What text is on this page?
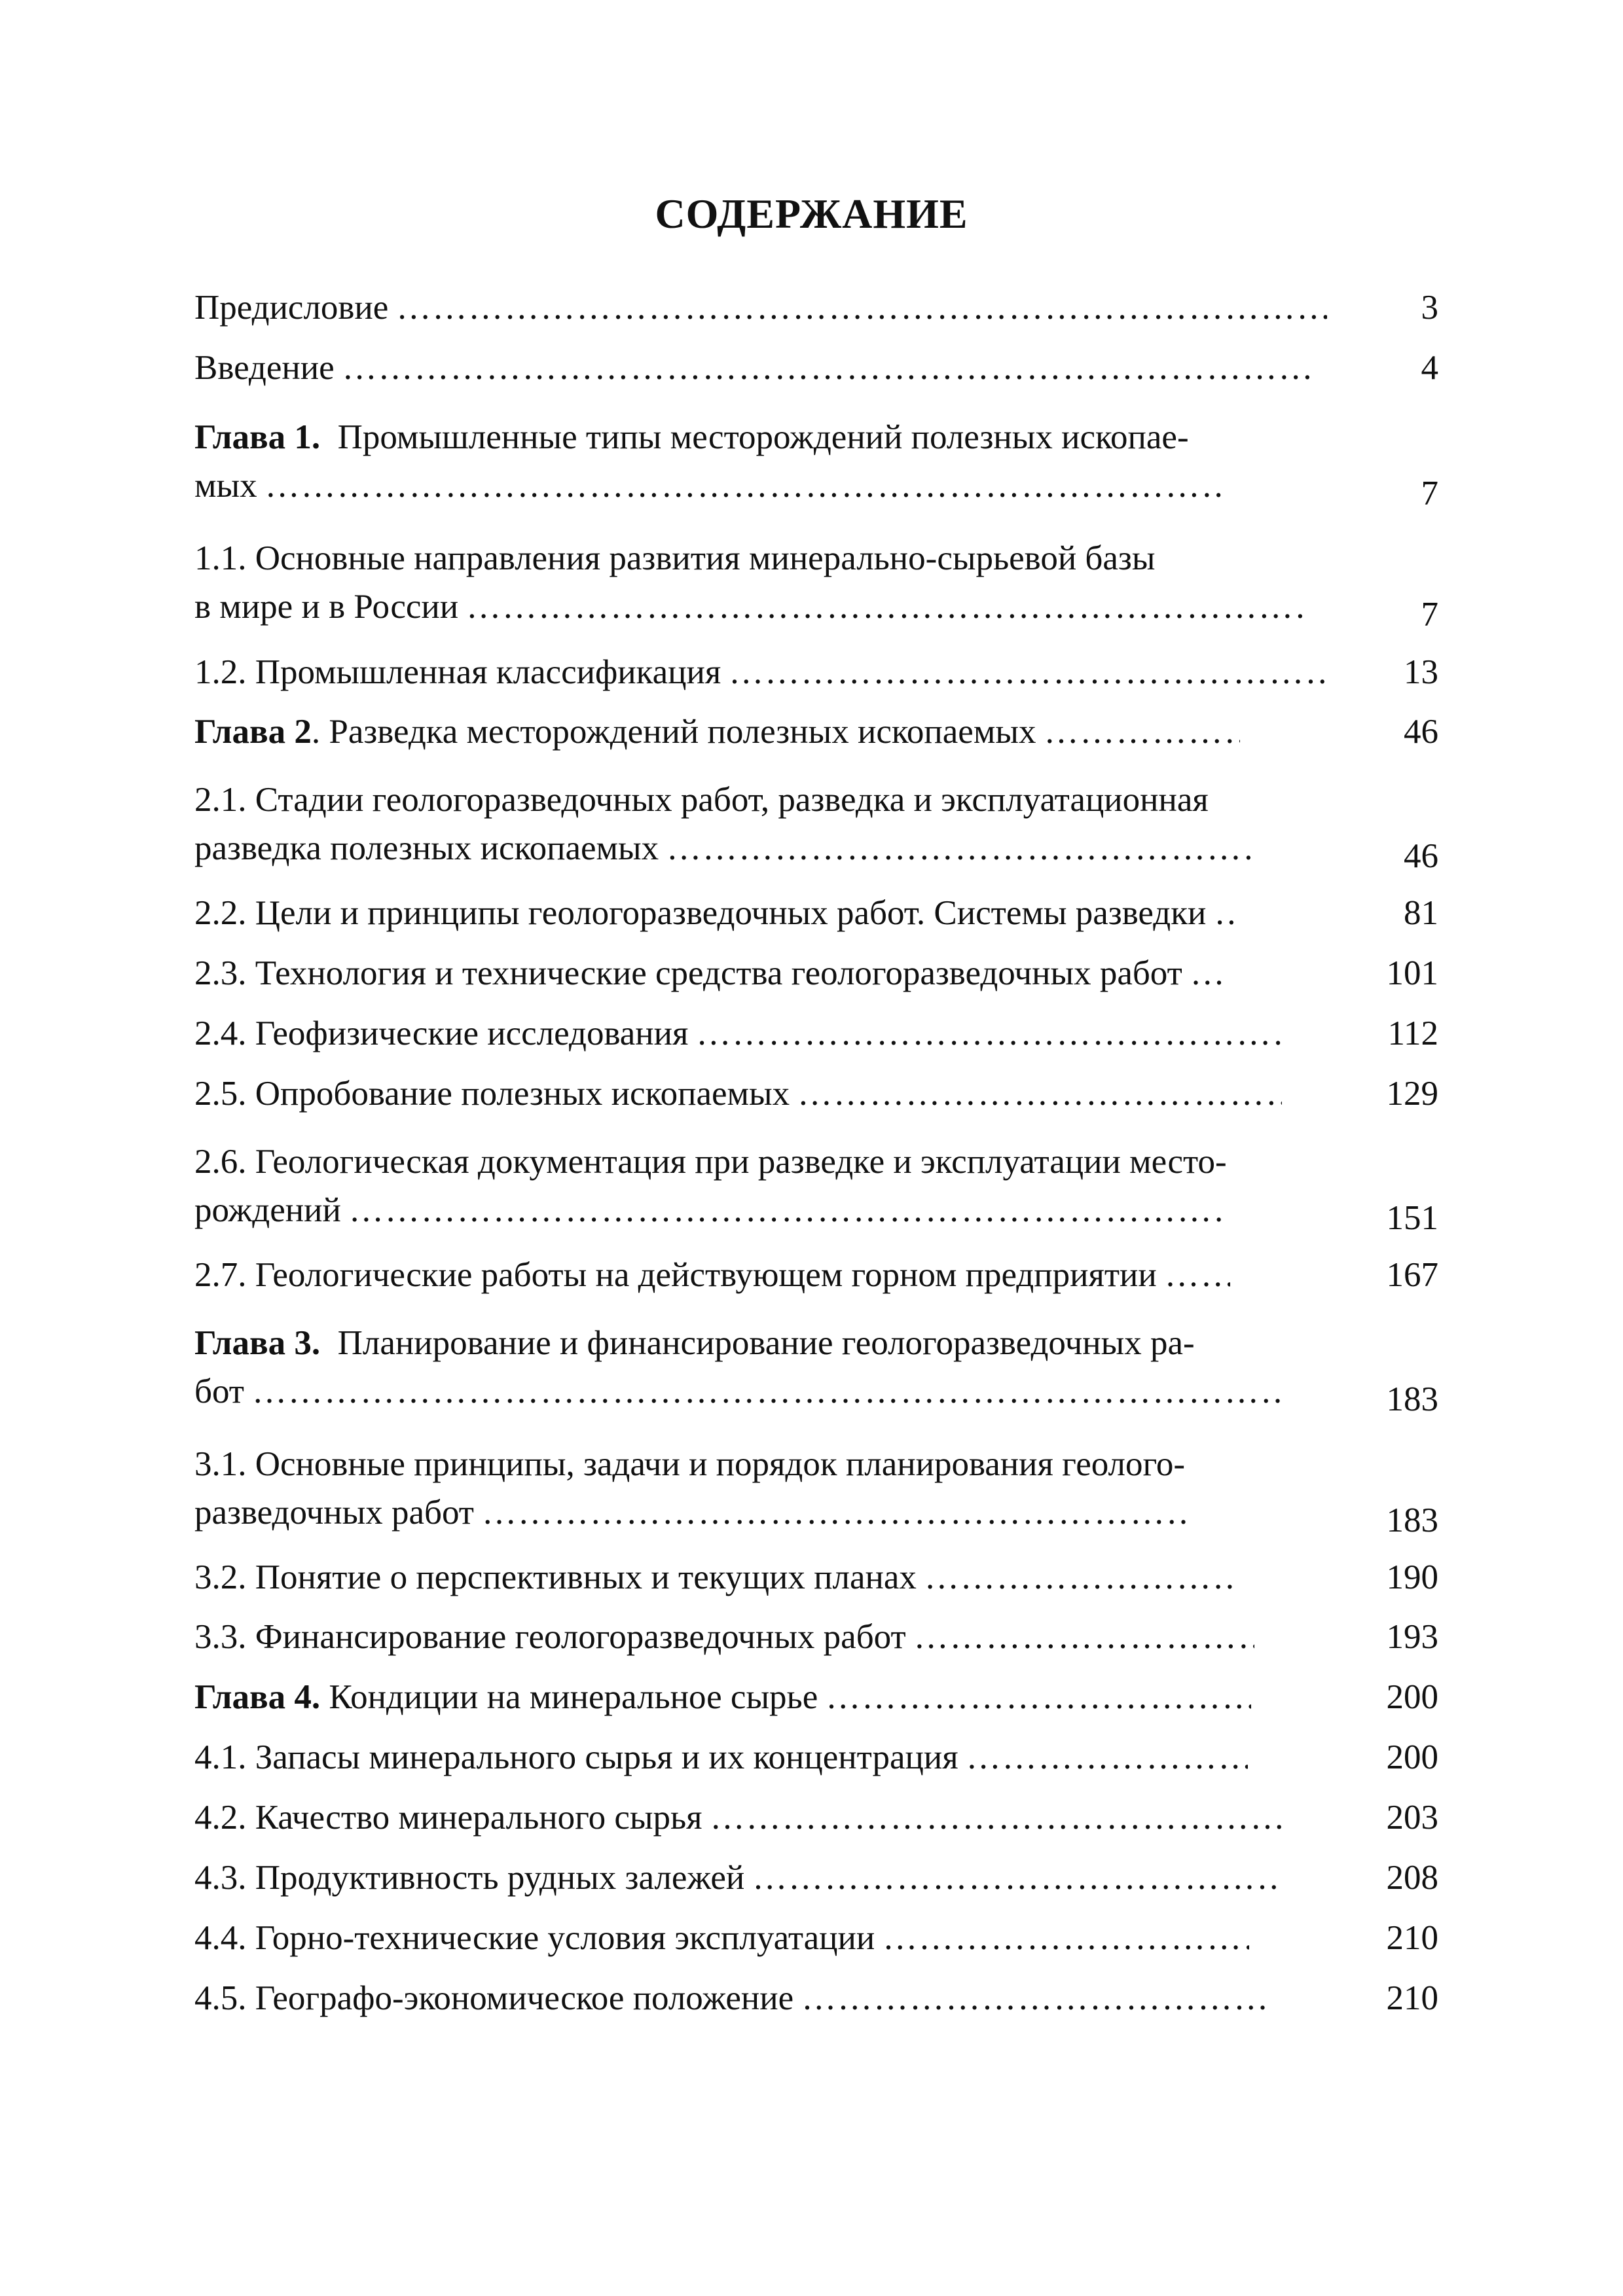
СОДЕРЖАНИЕ
Предисловие …………………………………………………………………………………………………………………………………………………………………	3
Введение …………………………………………………………………………………………………………………………………………………………………	4
Глава 1.
Промышленные типы месторождений полезных ископае-
мых …………………………………………………………………………………………………………………………………………………………………	7
1.1. Основные направления развития минерально-сырьевой базы
в мире и в России …………………………………………………………………………………………………………………………………………………………………	7
1.2. Промышленная классификация …………………………………………………………………………………………………………………………………………………………………	13
Глава 2 . Разведка месторождений полезных ископаемых …………………………………………………………………………………………………………………………………………………………………	46
2.1. Стадии геологоразведочных работ, разведка и эксплуатационная
разведка полезных ископаемых …………………………………………………………………………………………………………………………………………………………………	46
2.2. Цели и принципы геологоразведочных работ. Системы разведки …………………………………………………………………………………………………………………………………………………………………	81
2.3. Технология и технические средства геологоразведочных работ …………………………………………………………………………………………………………………………………………………………………	101
2.4. Геофизические исследования …………………………………………………………………………………………………………………………………………………………………	112
2.5. Опробование полезных ископаемых …………………………………………………………………………………………………………………………………………………………………	129
2.6. Геологическая документация при разведке и эксплуатации место-
рождений …………………………………………………………………………………………………………………………………………………………………	151
2.7. Геологические работы на действующем горном предприятии …………………………………………………………………………………………………………………………………………………………………	167
Глава 3.
Планирование и финансирование геологоразведочных ра-
бот …………………………………………………………………………………………………………………………………………………………………	183
3.1. Основные принципы, задачи и порядок планирования геолого-
разведочных работ …………………………………………………………………………………………………………………………………………………………………	183
3.2. Понятие о перспективных и текущих планах …………………………………………………………………………………………………………………………………………………………………	190
3.3. Финансирование геологоразведочных работ …………………………………………………………………………………………………………………………………………………………………	193
Глава 4.
Кондиции на минеральное сырье …………………………………………………………………………………………………………………………………………………………………	200
4.1. Запасы минерального сырья и их концентрация …………………………………………………………………………………………………………………………………………………………………	200
4.2. Качество минерального сырья …………………………………………………………………………………………………………………………………………………………………	203
4.3. Продуктивность рудных залежей …………………………………………………………………………………………………………………………………………………………………	208
4.4. Горно-технические условия эксплуатации …………………………………………………………………………………………………………………………………………………………………	210
4.5. Географо-экономическое положение …………………………………………………………………………………………………………………………………………………………………	210
